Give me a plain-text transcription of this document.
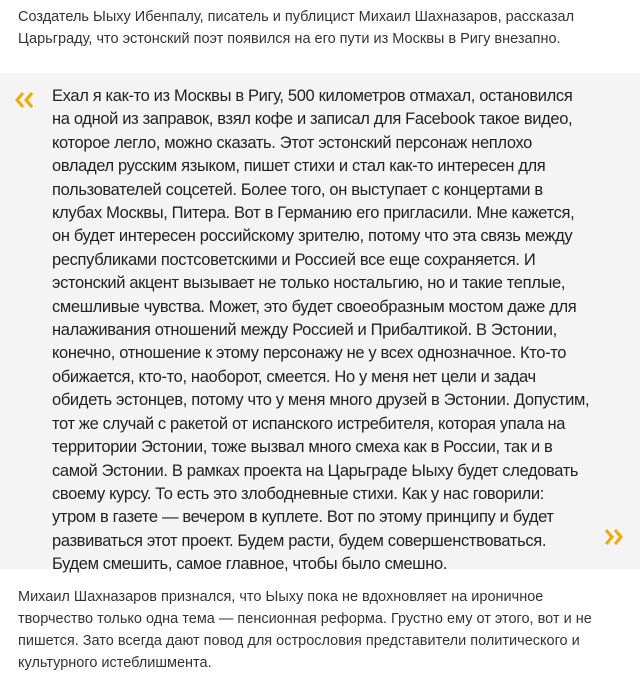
Создатель Ыыху Ибенпалу, писатель и публицист Михаил Шахназаров, рассказал Царьграду, что эстонский поэт появился на его пути из Москвы в Ригу внезапно.

Ехал я как-то из Москвы в Ригу, 500 километров отмахал, остановился на одной из заправок, взял кофе и записал для Facebook такое видео, которое легло, можно сказать. Этот эстонский персонаж неплохо овладел русским языком, пишет стихи и стал как-то интересен для пользователей соцсетей. Более того, он выступает с концертами в клубах Москвы, Питера. Вот в Германию его пригласили. Мне кажется, он будет интересен российскому зрителю, потому что эта связь между республиками постсоветскими и Россией все еще сохраняется. И эстонский акцент вызывает не только ностальгию, но и такие теплые, смешливые чувства. Может, это будет своеобразным мостом даже для налаживания отношений между Россией и Прибалтикой. В Эстонии, конечно, отношение к этому персонажу не у всех однозначное. Кто-то обижается, кто-то, наоборот, смеется. Но у меня нет цели и задач обидеть эстонцев, потому что у меня много друзей в Эстонии. Допустим, тот же случай с ракетой от испанского истребителя, которая упала на территории Эстонии, тоже вызвал много смеха как в России, так и в самой Эстонии. В рамках проекта на Царьграде Ыыху будет следовать своему курсу. То есть это злободневные стихи. Как у нас говорили: утром в газете — вечером в куплете. Вот по этому принципу и будет развиваться этот проект. Будем расти, будем совершенствоваться. Будем смешить, самое главное, чтобы было смешно.

Михаил Шахназаров признался, что Ыыху пока не вдохновляет на ироничное творчество только одна тема — пенсионная реформа. Грустно ему от этого, вот и не пишется. Зато всегда дают повод для острословия представители политического и культурного истеблишмента.
